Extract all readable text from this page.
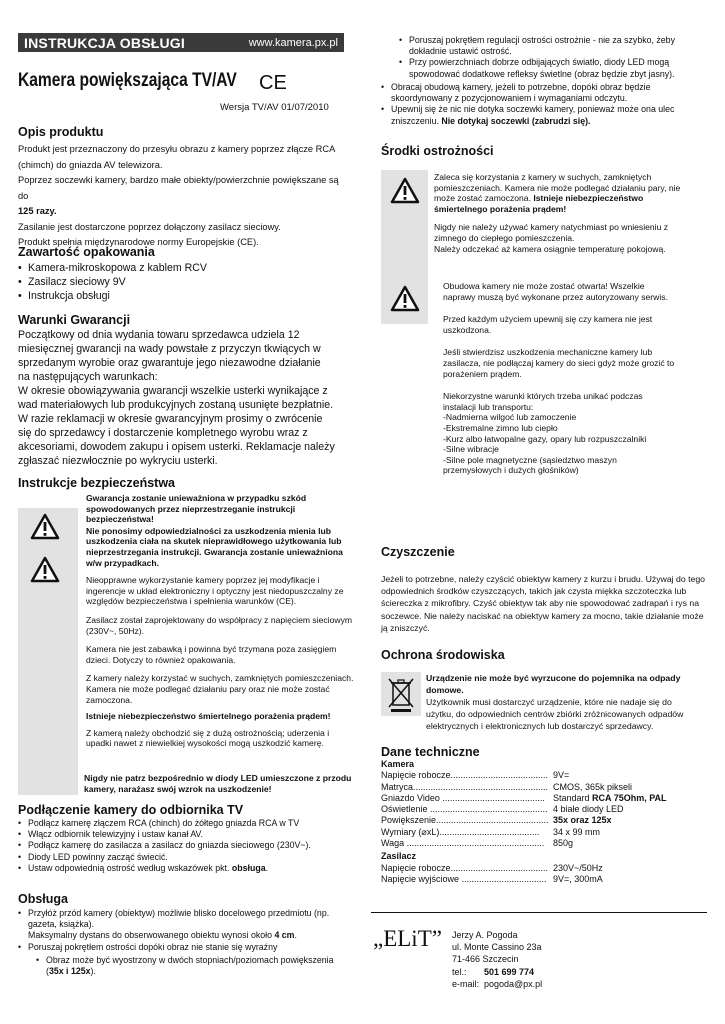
INSTRUKCJA OBSŁUGI	www.kamera.px.pl
Kamera powiększająca TV/AV CE
Wersja TV/AV 01/07/2010
Opis produktu
Produkt jest przeznaczony do przesyłu obrazu z kamery poprzez złącze RCA
(chimch) do gniazda AV telewizora.
Poprzez soczewki kamery, bardzo małe obiekty/powierzchnie powiększane są do
125 razy.
Zasilanie jest dostarczone poprzez dołączony zasilacz sieciowy.
Produkt spełnia międzynarodowe normy Europejskie (CE).
Zawartość opakowania
• Kamera-mikroskopowa z kablem RCV
• Zasilacz sieciowy 9V
• Instrukcja obsługi
Warunki Gwarancji
Początkowy od dnia wydania towaru sprzedawca udziela 12
miesięcznej gwarancji na wady powstałe z przyczyn tkwiących w
sprzedanym wyrobie oraz gwarantuje jego niezawodne działanie
na następujących warunkach:
W okresie obowiązywania gwarancji wszelkie usterki wynikające z
wad materiałowych lub produkcyjnych zostaną usunięte bezpłatnie.
W razie reklamacji w okresie gwarancyjnym prosimy o zwrócenie
się do sprzedawcy i dostarczenie kompletnego wyrobu wraz z
akcesoriami, dowodem zakupu i opisem usterki. Reklamacje należy
zgłaszać niezwłocznie po wykryciu usterki.
Instrukcje bezpieczeństwa

Gwarancja zostanie unieważniona w przypadku szkód spowodowanych przez nieprzestrzeganie instrukcji bezpieczeństwa!

Nie ponosimy odpowiedzialności za uszkodzenia mienia lub uszkodzenia ciała na skutek nieprawidłowego użytkowania lub nieprzestrzegania instrukcji. Gwarancja zostanie unieważniona w/w przypadkach.

Nieopprawne wykorzystanie kamery poprzez jej modyfikacje i ingerencje w układ elektroniczny i optyczny jest niedopuszczalny ze względów bezpieczeństwa i spełnienia warunków (CE).

Zasilacz został zaprojektowany do współpracy z napięciem sieciowym (230V~, 50Hz).

Kamera nie jest zabawką i powinna być trzymana poza zasięgiem dzieci. Dotyczy to również opakowania.

Z kamery należy korzystać w suchych, zamkniętych pomieszczeniach. Kamera nie może podlegać działaniu pary oraz nie może zostać zamoczona.

Istnieje niebezpieczeństwo śmiertelnego porażenia prądem!

Z kamerą należy obchodzić się z dużą ostrożnością; uderzenia i upadki nawet z niewielkiej wysokości mogą uszkodzić kamerę.

Nigdy nie patrz bezpośrednio w diody LED umieszczone z przodu kamery, narażasz swój wzrok na uszkodzenie!
Podłączenie kamery do odbiornika TV
• Podłącz kamerę złączem RCA (chinch) do żółtego gniazda RCA w TV
• Włącz odbiornik telewizyjny i ustaw kanał AV.
• Podłącz kamerę do zasilacza a zasilacz do gniazda sieciowego (230V~).
• Diody LED powinny zacząć świecić.
• Ustaw odpowiednią ostrość według wskazówek pkt. obsługa.
Obsługa
• Przyłóż przód kamery (obiektyw) możliwie blisko docelowego przedmiotu (np. gazeta, książka).
Maksymalny dystans do obserwowanego obiektu wynosi około 4 cm.
• Poruszaj pokrętłem ostrości dopóki obraz nie stanie się wyraźny
• Obraz może być wyostrzony w dwóch stopniach/poziomach powiększenia (35x i 125x).
• Poruszaj pokrętłem regulacji ostrości ostrożnie - nie za szybko, żeby dokładnie ustawić ostrość.
• Przy powierzchniach dobrze odbijających światło, diody LED mogą spowodować dodatkowe refleksy świetlne (obraz będzie zbyt jasny).
• Obracaj obudową kamery, jeżeli to potrzebne, dopóki obraz będzie skoordynowany z pozycjonowaniem i wymaganiami odczytu.
• Upewnij się że nic nie dotyka soczewki kamery, ponieważ może ona ulec zniszczeniu. Nie dotykaj soczewki (zabrudzi się).
Środki ostrożności

Zaleca się korzystania z kamery w suchych, zamkniętych pomieszczeniach. Kamera nie może podlegać działaniu pary, nie może zostać zamoczona. Istnieje niebezpieczeństwo śmiertelnego porażenia prądem!

Nigdy nie należy używać kamery natychmiast po wniesieniu z zimnego do ciepłego pomieszczenia.

Należy odczekać aż kamera osiągnie temperaturę pokojową.

Obudowa kamery nie może zostać otwarta! Wszelkie naprawy muszą być wykonane przez autoryzowany serwis.

Przed każdym użyciem upewnij się czy kamera nie jest uszkodzona.

Jeśli stwierdzisz uszkodzenia mechaniczne kamery lub zasilacza, nie podłączaj kamery do sieci gdyż może grozić to porażeniem prądem.

Niekorzystne warunki których trzeba unikać podczas instalacji lub transportu:

-Nadmierna wilgoć lub zamoczenie
-Ekstremalne zimno lub ciepło
-Kurz albo łatwopalne gazy, opary lub rozpuszczalniki
-Silne wibracje
-Silne pole magnetyczne (sąsiedztwo maszyn przemysłowych i dużych głośników)
Czyszczenie
Jeżeli to potrzebne, należy czyścić obiektyw kamery z kurzu i brudu. Używaj do tego odpowiednich środków czyszczących, takich jak czysta miękka szczoteczka lub ściereczka z mikrofibry. Czyść obiektyw tak aby nie spowodować zadrapań i rys na soczewce. Nie należy naciskać na obiektyw kamery za mocno, takie działanie może ją zniszczyć.
Ochrona środowiska
Urządzenie nie może być wyrzucone do pojemnika na odpady domowe.
Użytkownik musi dostarczyć urządzenie, które nie nadaje się do użytku, do odpowiednich centrów zbiórki zróżnicowanych odpadów elektrycznych i elektronicznych lub dostarczyć sprzedawcy.
Dane techniczne
Kamera
Napięcie robocze....................................... 9V=
Matryca...................................................... CMOS, 365k pikseli
Gniazdo Video ......................................... Standard RCA 75Ohm, PAL
Oświetlenie ............................................... 4 białe diody LED
Powiększenie............................................. 35x oraz 125x
Wymiary (⌀xL)........................................	34 x 99 mm
Waga ....................................................... 850g
Zasilacz
Napięcie robocze....................................... 230V~/50Hz
Napięcie wyjściowe .................................. 9V=, 300mA
„ELiT” Jerzy A. Pogoda
ul. Monte Cassino 23a
71-466 Szczecin
tel.: 501 699 774
e-mail: pogoda@px.pl
